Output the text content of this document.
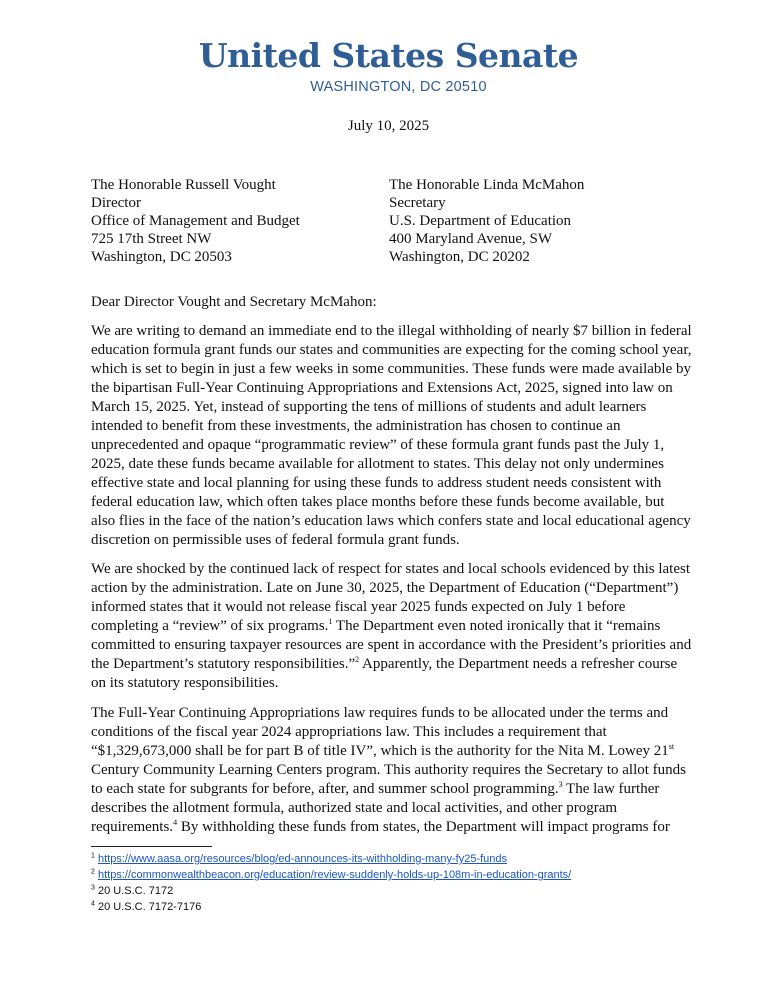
United States Senate
WASHINGTON, DC 20510
July 10, 2025
The Honorable Russell Vought
Director
Office of Management and Budget
725 17th Street NW
Washington, DC 20503
The Honorable Linda McMahon
Secretary
U.S. Department of Education
400 Maryland Avenue, SW
Washington, DC 20202
Dear Director Vought and Secretary McMahon:

We are writing to demand an immediate end to the illegal withholding of nearly $7 billion in federal education formula grant funds our states and communities are expecting for the coming school year, which is set to begin in just a few weeks in some communities. These funds were made available by the bipartisan Full-Year Continuing Appropriations and Extensions Act, 2025, signed into law on March 15, 2025. Yet, instead of supporting the tens of millions of students and adult learners intended to benefit from these investments, the administration has chosen to continue an unprecedented and opaque “programmatic review” of these formula grant funds past the July 1, 2025, date these funds became available for allotment to states. This delay not only undermines effective state and local planning for using these funds to address student needs consistent with federal education law, which often takes place months before these funds become available, but also flies in the face of the nation’s education laws which confers state and local educational agency discretion on permissible uses of federal formula grant funds.

We are shocked by the continued lack of respect for states and local schools evidenced by this latest action by the administration. Late on June 30, 2025, the Department of Education (“Department”) informed states that it would not release fiscal year 2025 funds expected on July 1 before completing a “review” of six programs.$^1$ The Department even noted ironically that it “remains committed to ensuring taxpayer resources are spent in accordance with the President’s priorities and the Department’s statutory responsibilities.”$^2$ Apparently, the Department needs a refresher course on its statutory responsibilities.

The Full-Year Continuing Appropriations law requires funds to be allocated under the terms and conditions of the fiscal year 2024 appropriations law. This includes a requirement that “$1,329,673,000 shall be for part B of title IV”, which is the authority for the Nita M. Lowey 21st Century Community Learning Centers program. This authority requires the Secretary to allot funds to each state for subgrants for before, after, and summer school programming.$^3$ The law further describes the allotment formula, authorized state and local activities, and other program requirements.$^4$ By withholding these funds from states, the Department will impact programs for

$^1$ https://www.aasa.org/resources/blog/ed-announces-its-withholding-many-fy25-funds
$^2$ https://commonwealthbeacon.org/education/review-suddenly-holds-up-108m-in-education-grants/
$^3$ 20 U.S.C. 7172
$^4$ 20 U.S.C. 7172-7176
